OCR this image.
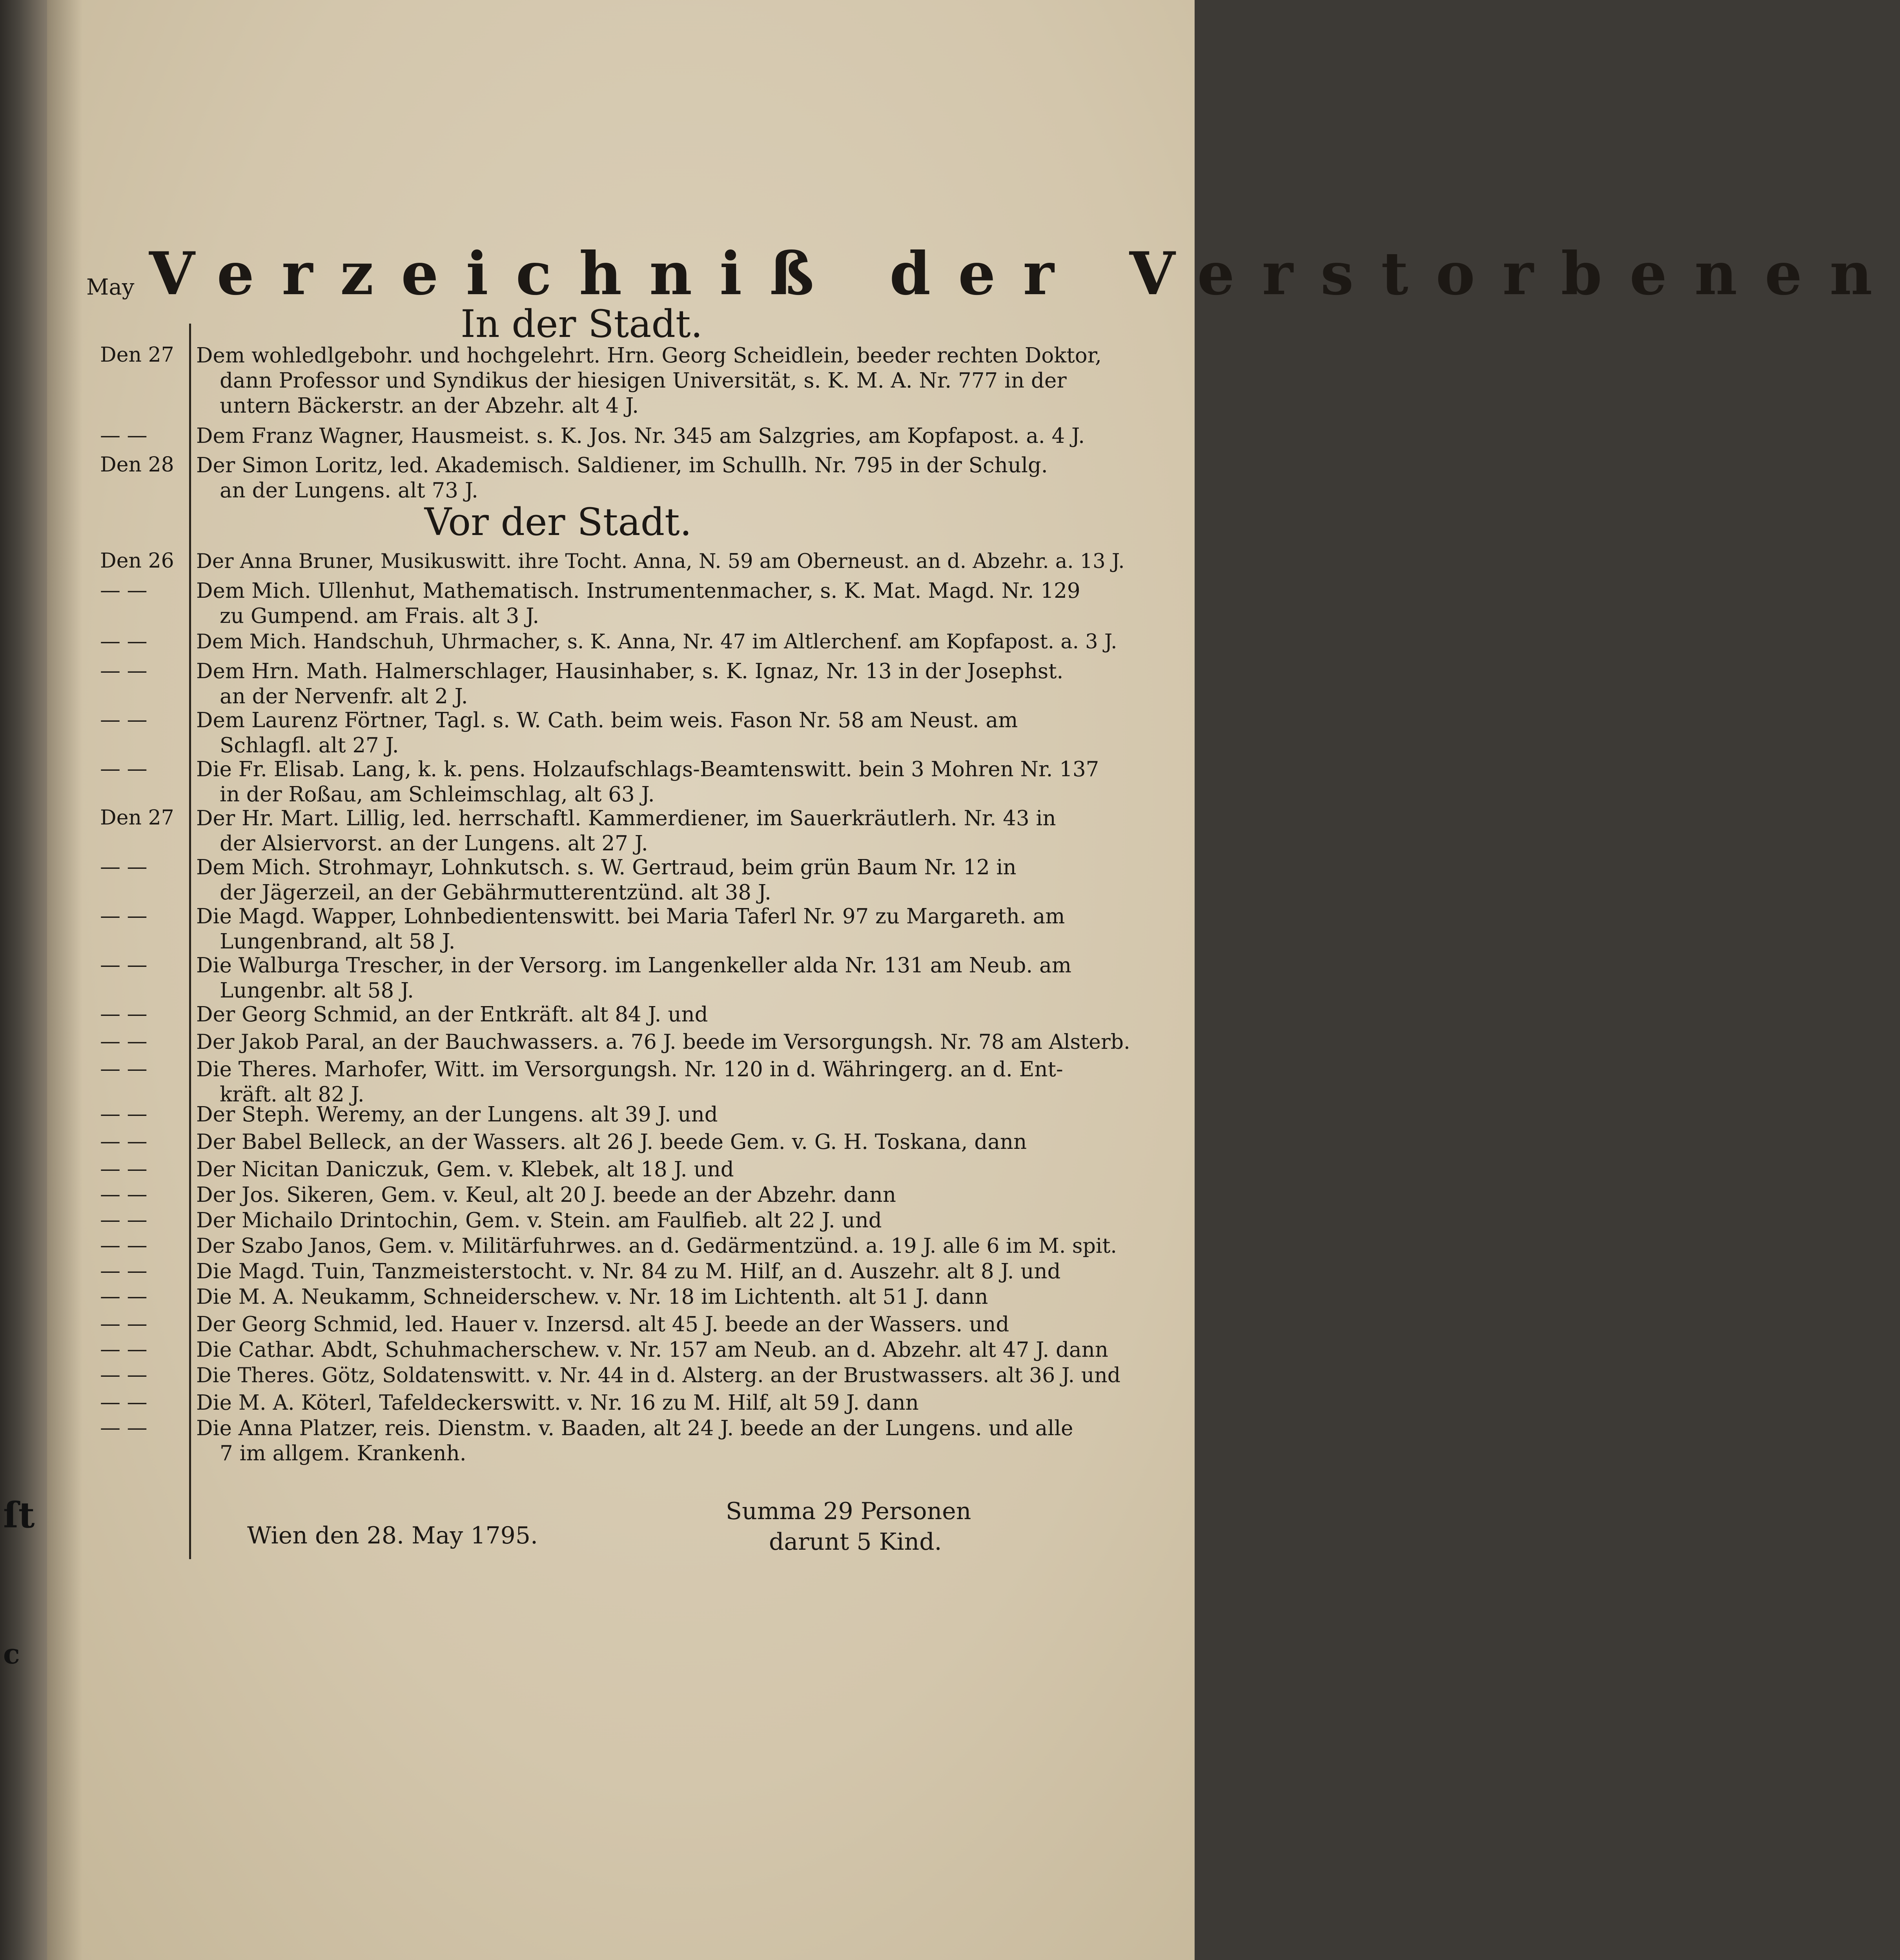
ſt
c
May Verzeichniß der Verstorbenen
In der Stadt.
Vor der Stadt.
Den 27 Dem wohledlgebohr. und hochgelehrt. Hrn. Georg Scheidlein, beeder rechten Doktor,
dann Professor und Syndikus der hiesigen Universität, s. K. M. A. Nr. 777 in der
untern Bäckerstr. an der Abzehr. alt 4 J.
— — Dem Franz Wagner, Hausmeist. s. K. Jos. Nr. 345 am Salzgries, am Kopfapost. a. 4 J.
Den 28 Der Simon Loritz, led. Akademisch. Saldiener, im Schullh. Nr. 795 in der Schulg.
an der Lungens. alt 73 J.
Den 26 Der Anna Bruner, Musikuswitt. ihre Tocht. Anna, N. 59 am Oberneust. an d. Abzehr. a. 13 J.
— — Dem Mich. Ullenhut, Mathematisch. Instrumentenmacher, s. K. Mat. Magd. Nr. 129
zu Gumpend. am Frais. alt 3 J.
— — Dem Mich. Handschuh, Uhrmacher, s. K. Anna, Nr. 47 im Altlerchenf. am Kopfapost. a. 3 J.
— — Dem Hrn. Math. Halmerschlager, Hausinhaber, s. K. Ignaz, Nr. 13 in der Josephst.
an der Nervenfr. alt 2 J.
— — Dem Laurenz Förtner, Tagl. s. W. Cath. beim weis. Fason Nr. 58 am Neust. am
Schlagfl. alt 27 J.
— — Die Fr. Elisab. Lang, k. k. pens. Holzaufschlags-Beamtenswitt. bein 3 Mohren Nr. 137
in der Roßau, am Schleimschlag, alt 63 J.
Den 27 Der Hr. Mart. Lillig, led. herrschaftl. Kammerdiener, im Sauerkräutlerh. Nr. 43 in
der Alsiervorst. an der Lungens. alt 27 J.
— — Dem Mich. Strohmayr, Lohnkutsch. s. W. Gertraud, beim grün Baum Nr. 12 in
der Jägerzeil, an der Gebährmutterentzünd. alt 38 J.
— — Die Magd. Wapper, Lohnbedientenswitt. bei Maria Taferl Nr. 97 zu Margareth. am
Lungenbrand, alt 58 J.
— — Die Walburga Trescher, in der Versorg. im Langenkeller alda Nr. 131 am Neub. am
Lungenbr. alt 58 J.
— — Der Georg Schmid, an der Entkräft. alt 84 J. und
— — Der Jakob Paral, an der Bauchwassers. a. 76 J. beede im Versorgungsh. Nr. 78 am Alsterb.
— — Die Theres. Marhofer, Witt. im Versorgungsh. Nr. 120 in d. Währingerg. an d. Ent-
kräft. alt 82 J.
— — Der Steph. Weremy, an der Lungens. alt 39 J. und
— — Der Babel Belleck, an der Wassers. alt 26 J. beede Gem. v. G. H. Toskana, dann
— — Der Nicitan Daniczuk, Gem. v. Klebek, alt 18 J. und
— — Der Jos. Sikeren, Gem. v. Keul, alt 20 J. beede an der Abzehr. dann
— — Der Michailo Drintochin, Gem. v. Stein. am Faulfieb. alt 22 J. und
— — Der Szabo Janos, Gem. v. Militärfuhrwes. an d. Gedärmentzünd. a. 19 J. alle 6 im M. spit.
— — Die Magd. Tuin, Tanzmeisterstocht. v. Nr. 84 zu M. Hilf, an d. Auszehr. alt 8 J. und
— — Die M. A. Neukamm, Schneiderschew. v. Nr. 18 im Lichtenth. alt 51 J. dann
— — Der Georg Schmid, led. Hauer v. Inzersd. alt 45 J. beede an der Wassers. und
— — Die Cathar. Abdt, Schuhmacherschew. v. Nr. 157 am Neub. an d. Abzehr. alt 47 J. dann
— — Die Theres. Götz, Soldatenswitt. v. Nr. 44 in d. Alsterg. an der Brustwassers. alt 36 J. und
— — Die M. A. Köterl, Tafeldeckerswitt. v. Nr. 16 zu M. Hilf, alt 59 J. dann
— — Die Anna Platzer, reis. Dienstm. v. Baaden, alt 24 J. beede an der Lungens. und alle
7 im allgem. Krankenh.
Wien den 28. May 1795.
Summa 29 Personen
darunt 5 Kind.
